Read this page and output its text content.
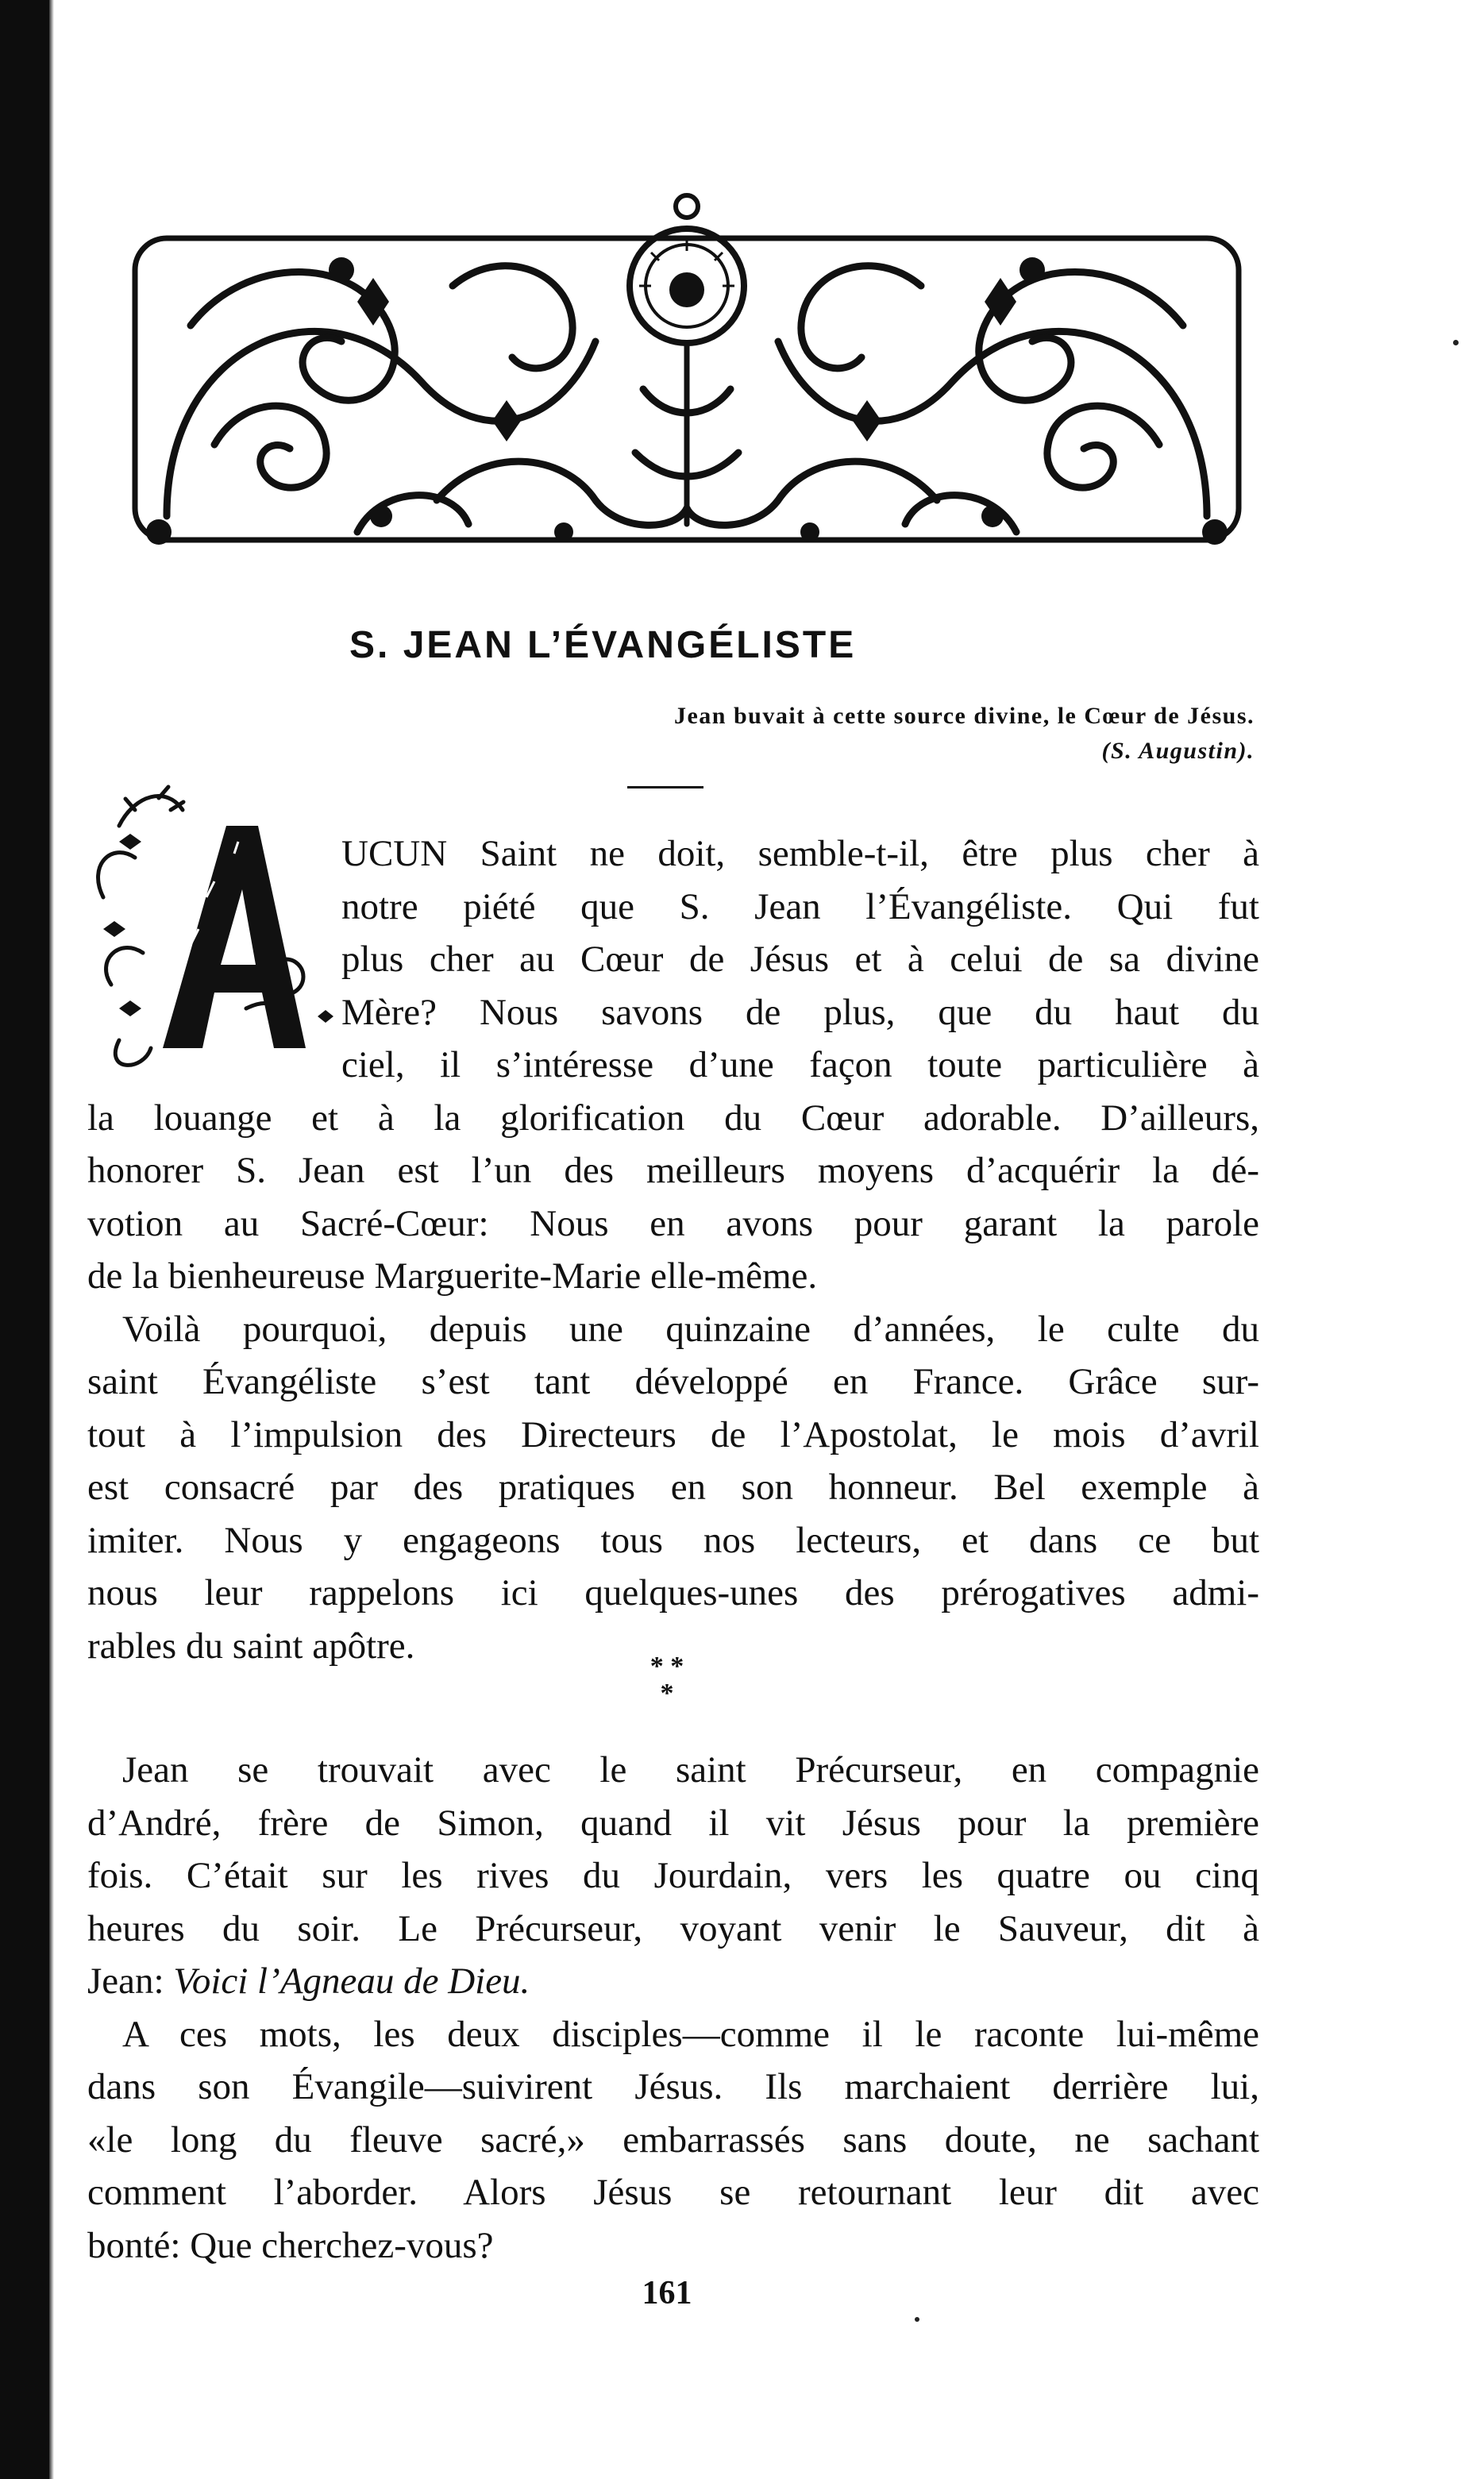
S. JEAN L’ÉVANGÉLISTE
Jean buvait à cette source divine, le Cœur de Jésus.
(S. Augustin).

UCUN Saint ne doit, semble-t-il, être plus cher à

notre piété que S. Jean l’Évangéliste. Qui fut

plus cher au Cœur de Jésus et à celui de sa divine

Mère? Nous savons de plus, que du haut du

ciel, il s’intéresse d’une façon toute particulière à

la louange et à la glorification du Cœur adorable. D’ailleurs,

honorer S. Jean est l’un des meilleurs moyens d’acquérir la dé-

votion au Sacré-Cœur: Nous en avons pour garant la parole

de la bienheureuse Marguerite-Marie elle-même.

Voilà pourquoi, depuis une quinzaine d’années, le culte du

saint Évangéliste s’est tant développé en France. Grâce sur-

tout à l’impulsion des Directeurs de l’Apostolat, le mois d’avril

est consacré par des pratiques en son honneur. Bel exemple à

imiter. Nous y engageons tous nos lecteurs, et dans ce but

nous leur rappelons ici quelques-unes des prérogatives admi-

rables du saint apôtre.	* *
*

Jean se trouvait avec le saint Précurseur, en compagnie

d’André, frère de Simon, quand il vit Jésus pour la première

fois. C’était sur les rives du Jourdain, vers les quatre ou cinq

heures du soir. Le Précurseur, voyant venir le Sauveur, dit à

Jean: Voici l’Agneau de Dieu.

A ces mots, les deux disciples—comme il le raconte lui-même

dans son Évangile—suivirent Jésus. Ils marchaient derrière lui,

«le long du fleuve sacré,» embarrassés sans doute, ne sachant

comment l’aborder. Alors Jésus se retournant leur dit avec

bonté: Que cherchez-vous?

161
